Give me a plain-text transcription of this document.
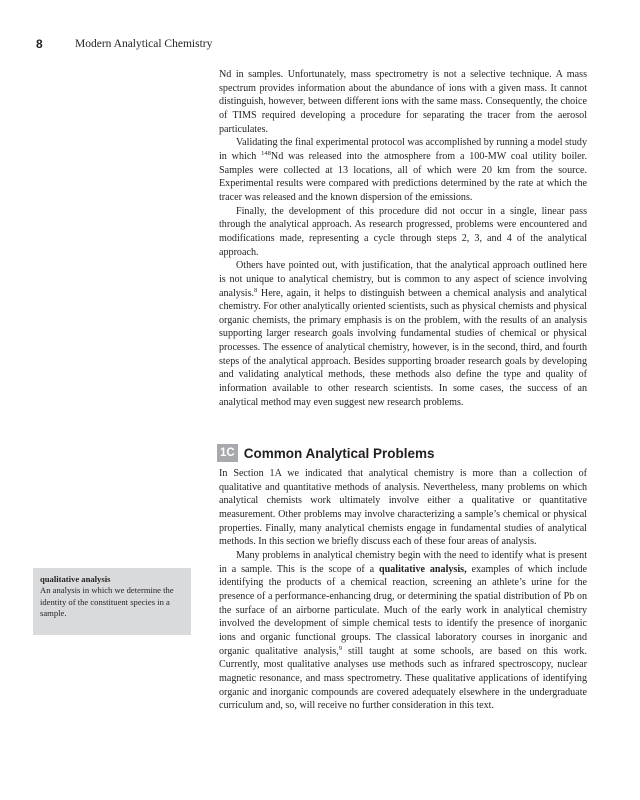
8	Modern Analytical Chemistry

Nd in samples. Unfortunately, mass spectrometry is not a selective technique. A mass spectrum provides information about the abundance of ions with a given mass. It cannot distinguish, however, between different ions with the same mass. Consequently, the choice of TIMS required developing a procedure for separating the tracer from the aerosol particulates.

Validating the final experimental protocol was accomplished by running a model study in which $^{148}$Nd was released into the atmosphere from a 100-MW coal utility boiler. Samples were collected at 13 locations, all of which were 20 km from the source. Experimental results were compared with predictions determined by the rate at which the tracer was released and the known dispersion of the emissions.

Finally, the development of this procedure did not occur in a single, linear pass through the analytical approach. As research progressed, problems were encountered and modifications made, representing a cycle through steps 2, 3, and 4 of the analytical approach.

Others have pointed out, with justification, that the analytical approach outlined here is not unique to analytical chemistry, but is common to any aspect of science involving analysis.$^8$ Here, again, it helps to distinguish between a chemical analysis and analytical chemistry. For other analytically oriented scientists, such as physical chemists and physical organic chemists, the primary emphasis is on the problem, with the results of an analysis supporting larger research goals involving fundamental studies of chemical or physical processes. The essence of analytical chemistry, however, is in the second, third, and fourth steps of the analytical approach. Besides supporting broader research goals by developing and validating analytical methods, these methods also define the type and quality of information available to other research scientists. In some cases, the success of an analytical method may even suggest new research problems.

1C Common Analytical Problems

In Section 1A we indicated that analytical chemistry is more than a collection of qualitative and quantitative methods of analysis. Nevertheless, many problems on which analytical chemists work ultimately involve either a qualitative or quantitative measurement. Other problems may involve characterizing a sample’s chemical or physical properties. Finally, many analytical chemists engage in fundamental studies of analytical methods. In this section we briefly discuss each of these four areas of analysis.

Many problems in analytical chemistry begin with the need to identify what is present in a sample. This is the scope of a qualitative analysis, examples of which include identifying the products of a chemical reaction, screening an athlete’s urine for the presence of a performance-enhancing drug, or determining the spatial distribution of Pb on the surface of an airborne particulate. Much of the early work in analytical chemistry involved the development of simple chemical tests to identify the presence of inorganic ions and organic functional groups. The classical laboratory courses in inorganic and organic qualitative analysis,$^9$ still taught at some schools, are based on this work. Currently, most qualitative analyses use methods such as infrared spectroscopy, nuclear magnetic resonance, and mass spectrometry. These qualitative applications of identifying organic and inorganic compounds are covered adequately elsewhere in the undergraduate curriculum and, so, will receive no further consideration in this text.

qualitative analysis
An analysis in which we determine the identity of the constituent species in a sample.
